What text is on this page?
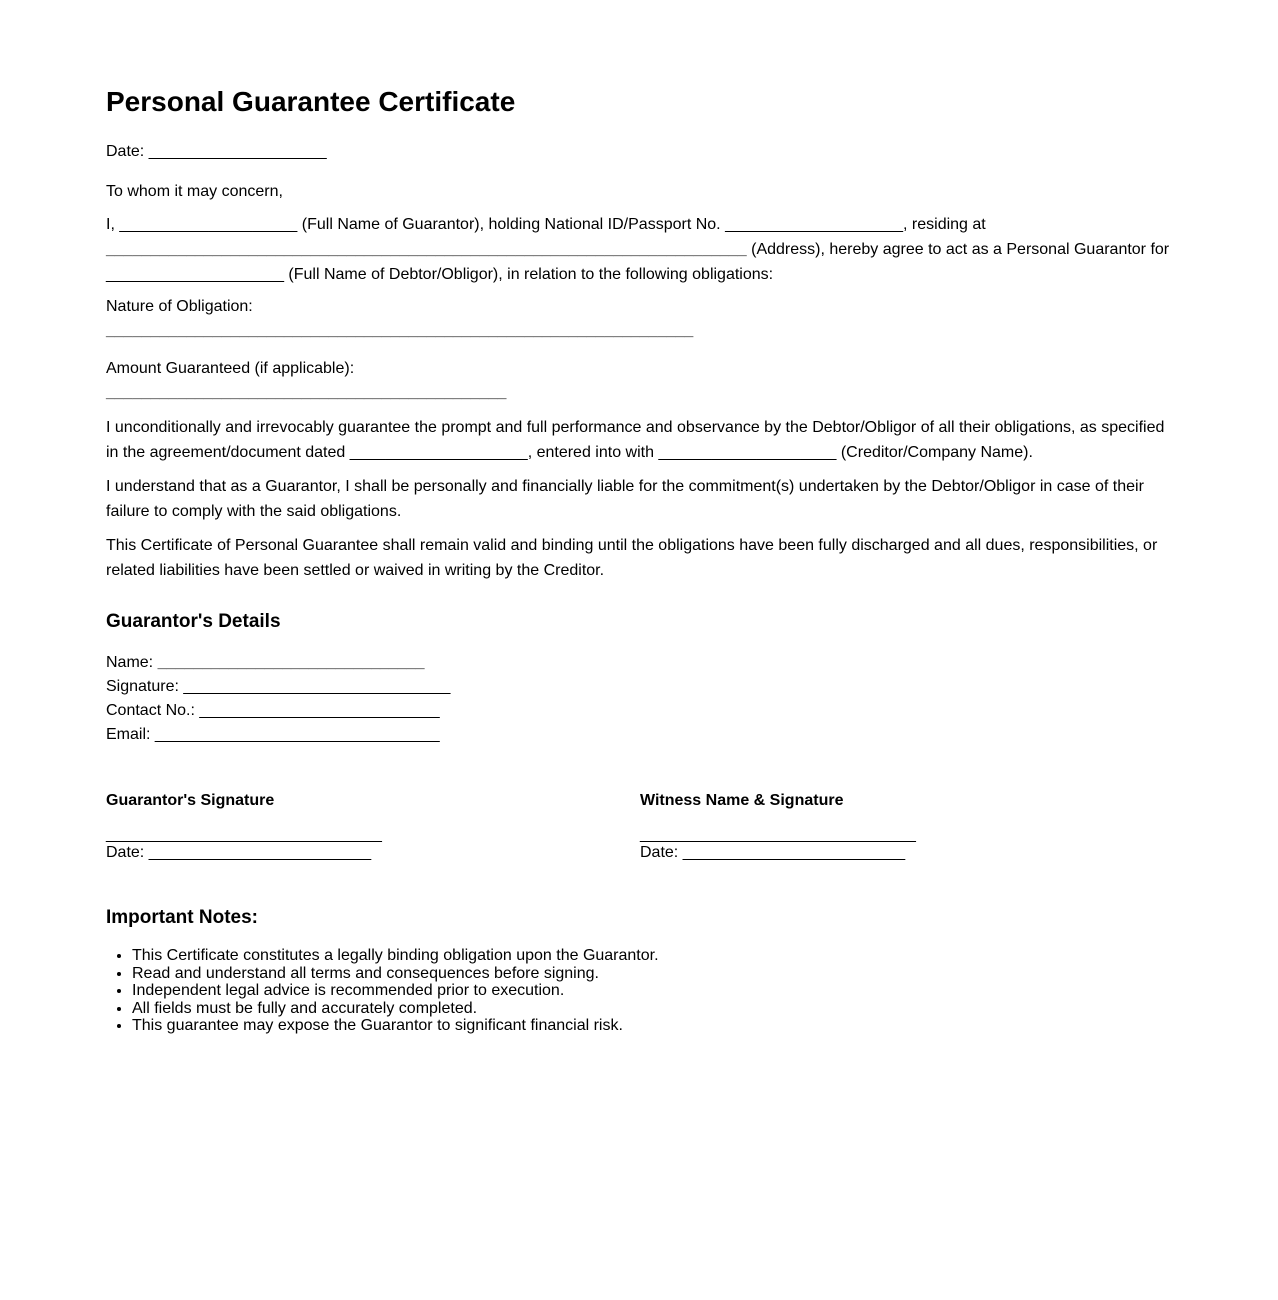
Personal Guarantee Certificate

Date: ____________________

To whom it may concern,

I, ____________________ (Full Name of Guarantor), holding National ID/Passport No. ____________________, residing at ________________________________________________________________________ (Address), hereby agree to act as a Personal Guarantor for ____________________ (Full Name of Debtor/Obligor), in relation to the following obligations:

Nature of Obligation:
__________________________________________________________________

Amount Guaranteed (if applicable):
_____________________________________________

I unconditionally and irrevocably guarantee the prompt and full performance and observance by the Debtor/Obligor of all their obligations, as specified in the agreement/document dated ____________________, entered into with ____________________ (Creditor/Company Name).

I understand that as a Guarantor, I shall be personally and financially liable for the commitment(s) undertaken by the Debtor/Obligor in case of their failure to comply with the said obligations.

This Certificate of Personal Guarantee shall remain valid and binding until the obligations have been fully discharged and all dues, responsibilities, or related liabilities have been settled or waived in writing by the Creditor.

Guarantor's Details
Name: ______________________________
Signature: ______________________________
Contact No.: ___________________________
Email: ________________________________

Guarantor's Signature

_______________________________
Date: _________________________

Witness Name & Signature

_______________________________
Date: _________________________
Important Notes:
• This Certificate constitutes a legally binding obligation upon the Guarantor.
• Read and understand all terms and consequences before signing.
• Independent legal advice is recommended prior to execution.
• All fields must be fully and accurately completed.
• This guarantee may expose the Guarantor to significant financial risk.
